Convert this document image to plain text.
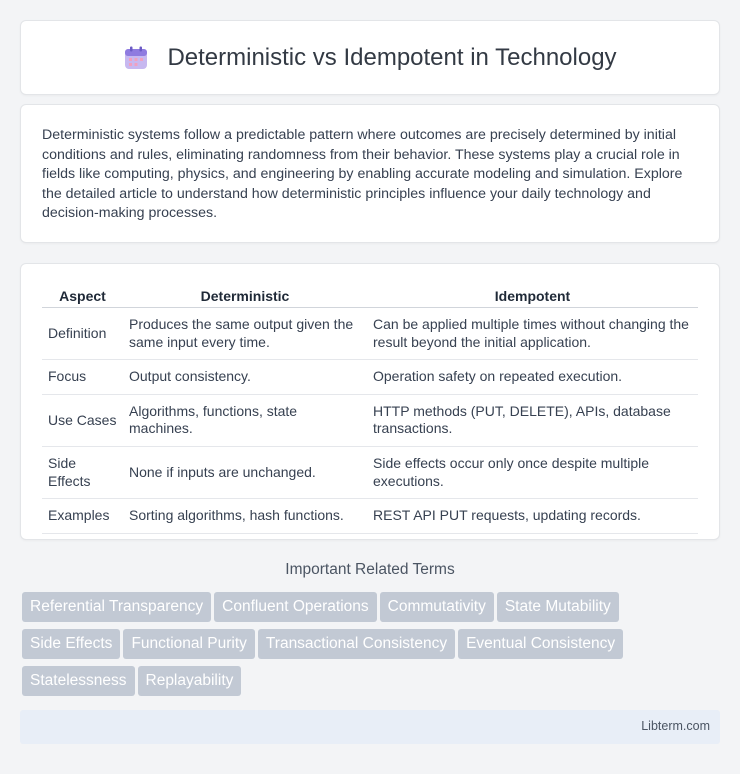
Deterministic vs Idempotent in Technology

Deterministic systems follow a predictable pattern where outcomes are precisely determined by initial conditions and rules, eliminating randomness from their behavior. These systems play a crucial role in fields like computing, physics, and engineering by enabling accurate modeling and simulation. Explore the detailed article to understand how deterministic principles influence your daily technology and decision-making processes.

Aspect	Deterministic	Idempotent
Definition	Produces the same output given the same input every time.	Can be applied multiple times without changing the result beyond the initial application.
Focus	Output consistency.	Operation safety on repeated execution.
Use Cases	Algorithms, functions, state machines.	HTTP methods (PUT, DELETE), APIs, database transactions.
Side Effects	None if inputs are unchanged.	Side effects occur only once despite multiple executions.
Examples	Sorting algorithms, hash functions.	REST API PUT requests, updating records.
Important Related Terms
Referential Transparency Confluent Operations Commutativity State Mutability
Side Effects Functional Purity Transactional Consistency Eventual Consistency
Statelessness Replayability
Libterm.com
